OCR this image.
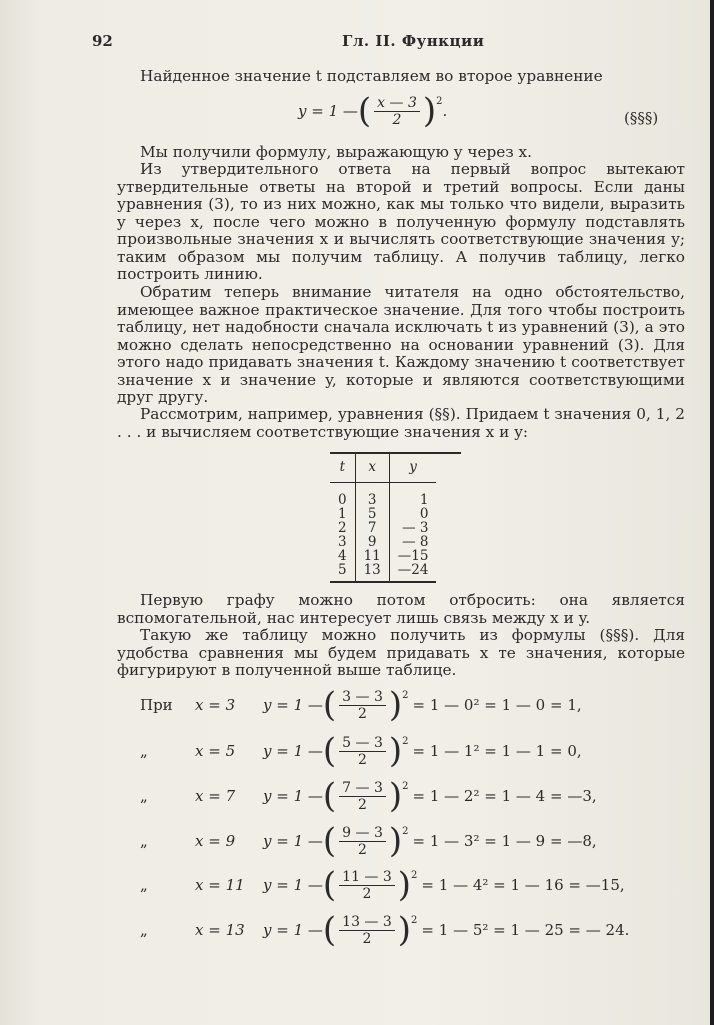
92	Гл. II. Функции

Найденное значение t подставляем во второе уравнение

y = 1 — ( $\frac{x — 3}{2}$ ) 2
.	(§§§)

Мы получили формулу, выражающую y через x.

Из утвердительного ответа на первый вопрос вытекают утвердительные ответы на второй и третий вопросы. Если даны уравнения (3), то из них можно, как мы только что видели, выразить y через x, после чего можно в полученную формулу подставлять произвольные значения x и вычислять соответствующие значения y; таким образом мы получим таблицу. А получив таблицу, легко построить линию.

Обратим теперь внимание читателя на одно обстоятельство, имеющее важное практическое значение. Для того чтобы построить таблицу, нет надобности сначала исключать t из уравнений (3), а это можно сделать непосредственно на основании уравнений (3). Для этого надо придавать значения t. Каждому значению t соответствует значение x и значение y, которые и являются соответствующими друг другу.

Рассмотрим, например, уравнения (§§). Придаем t значения 0, 1, 2 . . . и вычисляем соответствующие значения x и y:

t	x	y
0	3	1
1	5	0
2	7	— 3
3	9	— 8
4	11	—15
5	13	—24

Первую графу можно потом отбросить: она является вспомогательной, нас интересует лишь связь между x и y.

Такую же таблицу можно получить из формулы (§§§). Для удобства сравнения мы будем придавать x те значения, которые фигурируют в полученной выше таблице.

При	x = 3	y = 1 — ( $\frac{3 — 3}{2}$ ) 2
= 1 — 0² = 1 — 0 = 1,
„	x = 5	y = 1 — ( $\frac{5 — 3}{2}$ ) 2
= 1 — 1² = 1 — 1 = 0,
„	x = 7	y = 1 — ( $\frac{7 — 3}{2}$ ) 2
= 1 — 2² = 1 — 4 = —3,
„	x = 9	y = 1 — ( $\frac{9 — 3}{2}$ ) 2
= 1 — 3² = 1 — 9 = —8,
„	x = 11	y = 1 — ( $\frac{11 — 3}{2}$ ) 2
= 1 — 4² = 1 — 16 = —15,
„	x = 13	y = 1 — ( $\frac{13 — 3}{2}$ ) 2
= 1 — 5² = 1 — 25 = — 24.
